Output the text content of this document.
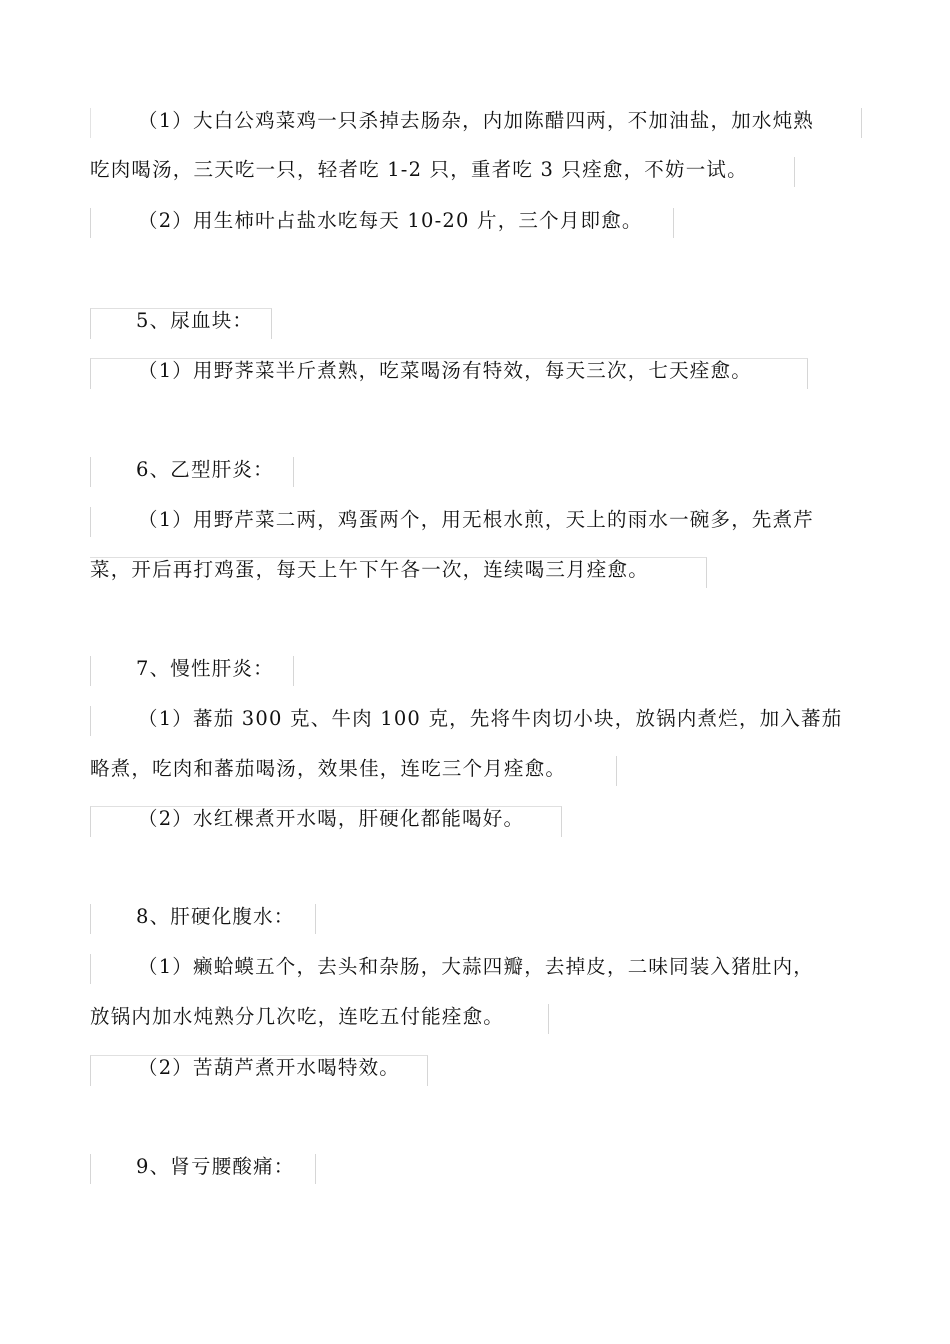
（1）大白公鸡菜鸡一只杀掉去肠杂，内加陈醋四两，不加油盐，加水炖熟
吃肉喝汤，三天吃一只，轻者吃 1-2 只，重者吃 3 只痊愈，不妨一试。
（2）用生柿叶占盐水吃每天 10-20 片，三个月即愈。
5、尿血块：
（1）用野荠菜半斤煮熟，吃菜喝汤有特效，每天三次，七天痊愈。
6、乙型肝炎：
（1）用野芹菜二两，鸡蛋两个，用无根水煎，天上的雨水一碗多，先煮芹
菜，开后再打鸡蛋，每天上午下午各一次，连续喝三月痊愈。
7、慢性肝炎：
（1）蕃茄 300 克、牛肉 100 克，先将牛肉切小块，放锅内煮烂，加入蕃茄
略煮，吃肉和蕃茄喝汤，效果佳，连吃三个月痊愈。
（2）水红棵煮开水喝，肝硬化都能喝好。
8、肝硬化腹水：
（1）癞蛤蟆五个，去头和杂肠，大蒜四瓣，去掉皮，二味同装入猪肚内，
放锅内加水炖熟分几次吃，连吃五付能痊愈。
（2）苦葫芦煮开水喝特效。
9、肾亏腰酸痛：
